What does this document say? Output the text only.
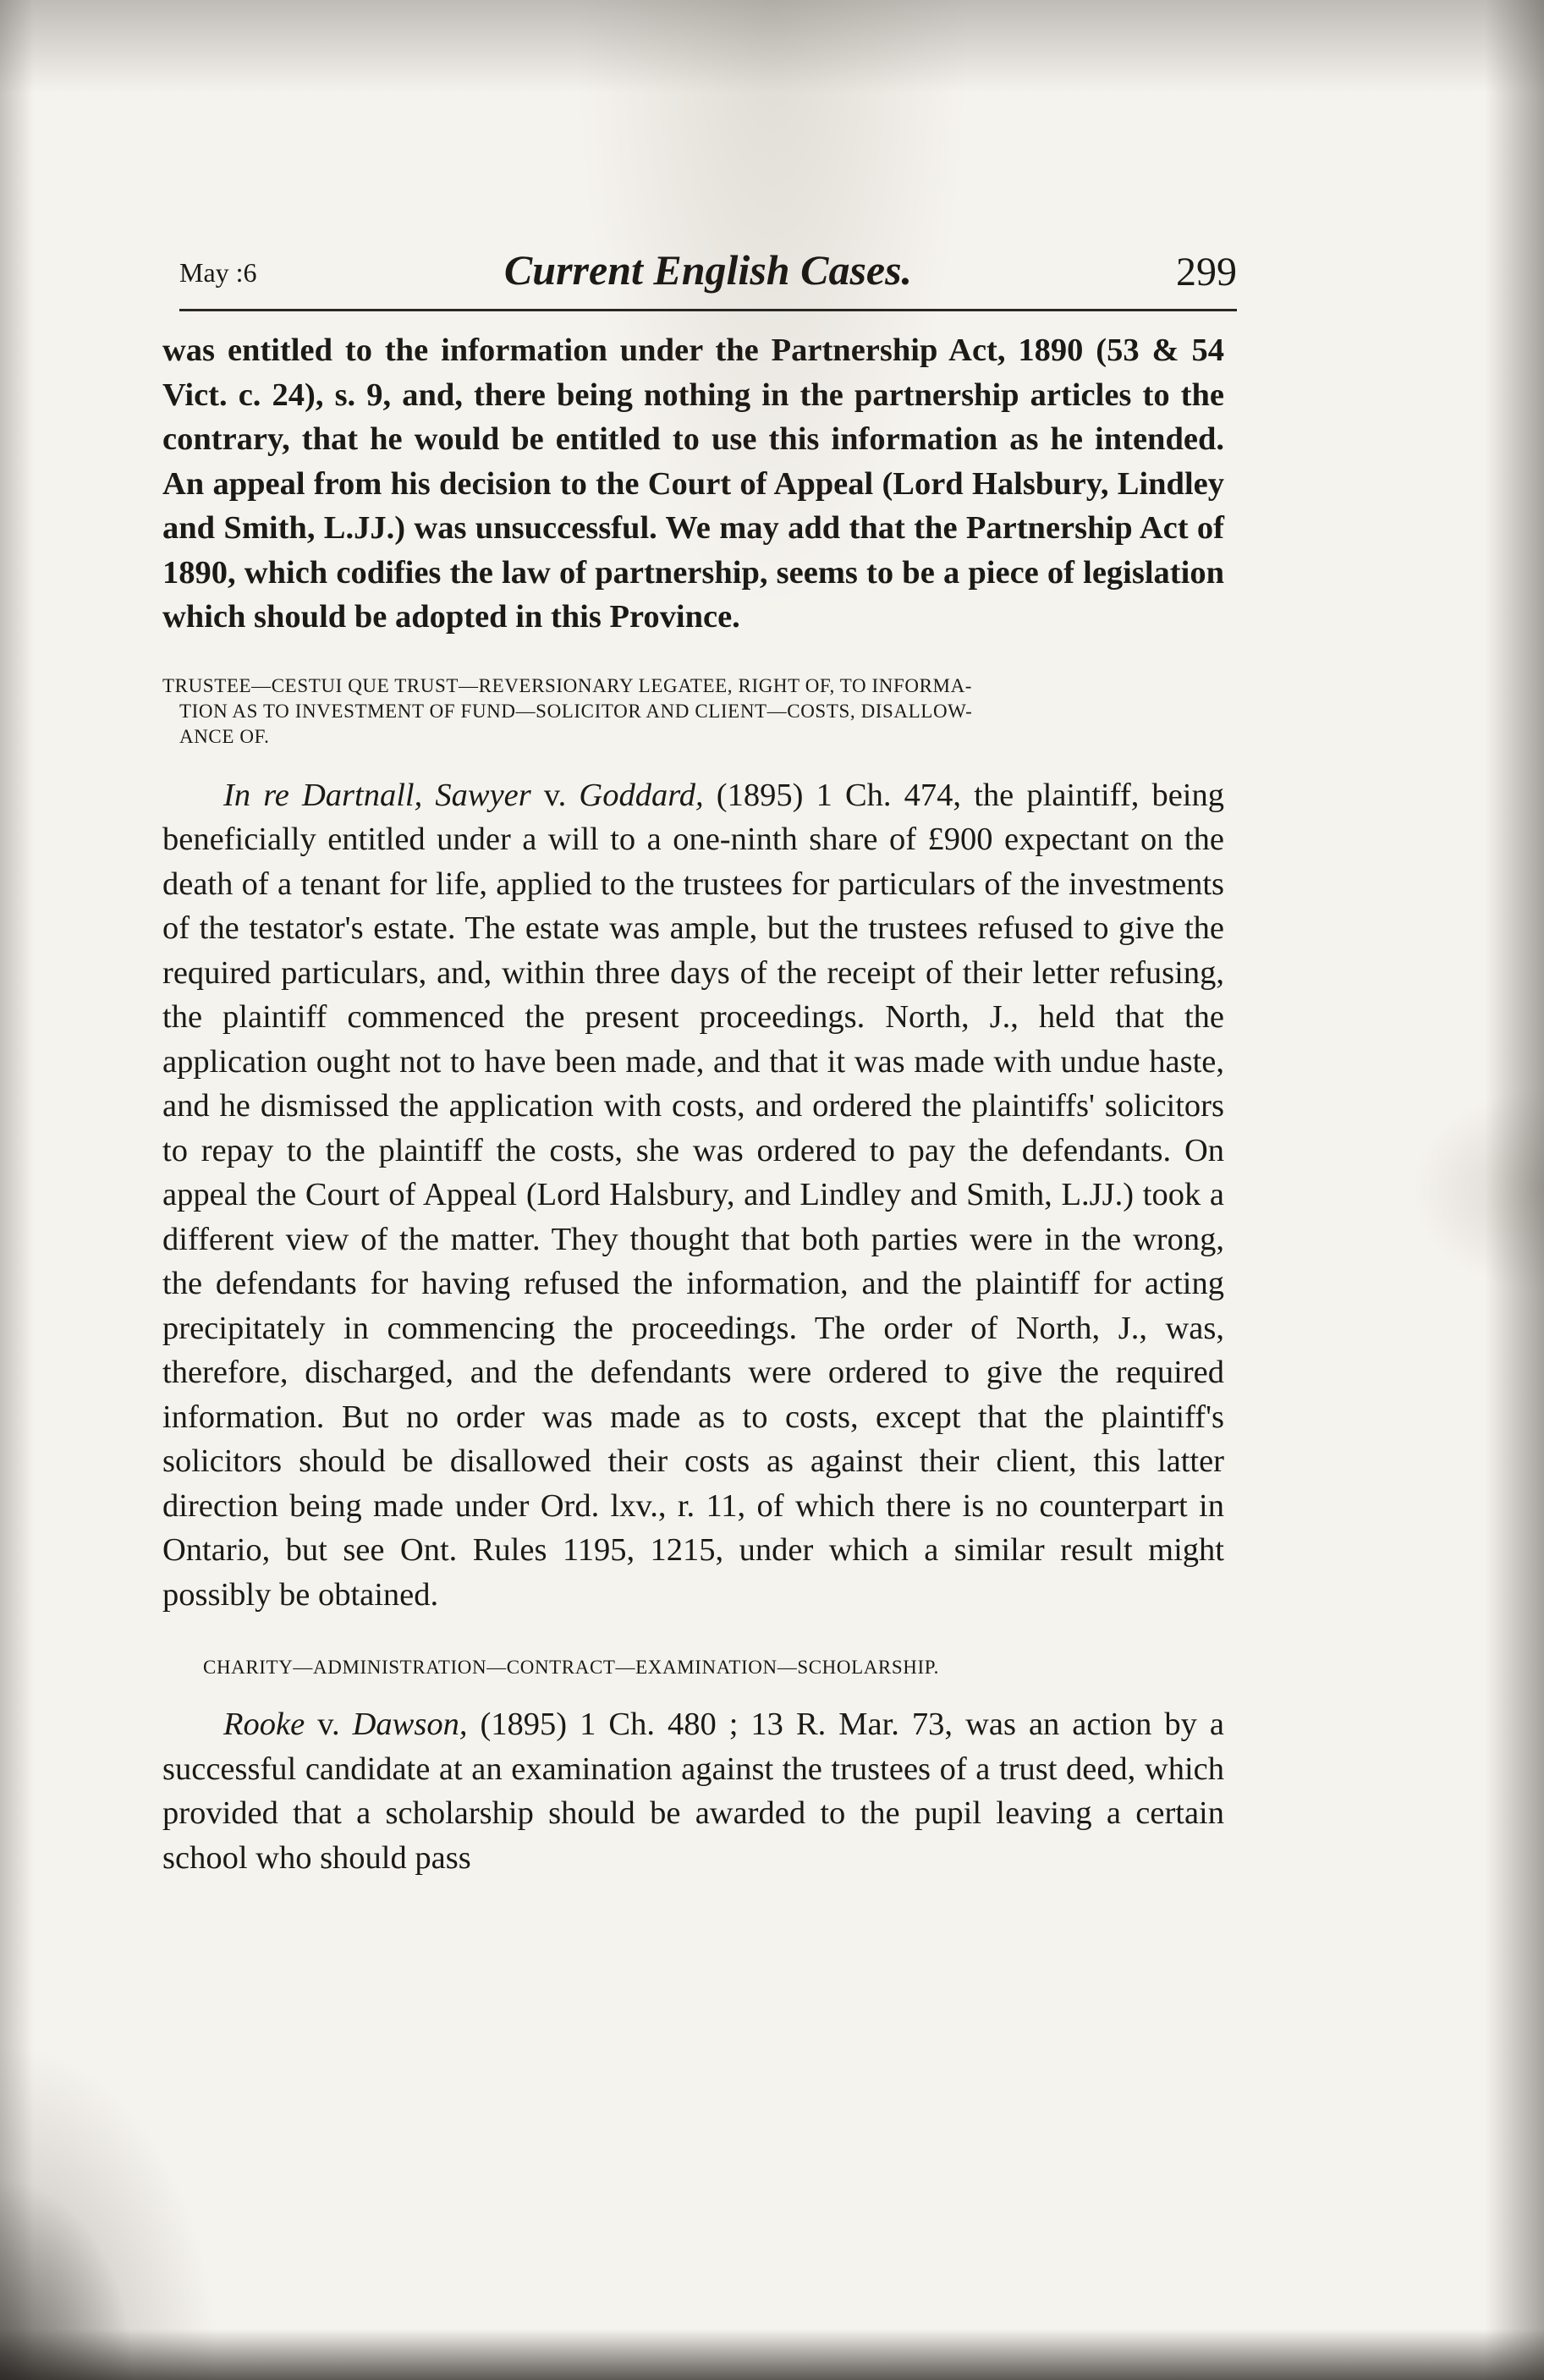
May :6	Current English Cases.	299

was entitled to the information under the Partnership Act, 1890 (53 & 54 Vict. c. 24), s. 9, and, there being nothing in the partnership articles to the contrary, that he would be entitled to use this information as he intended. An appeal from his decision to the Court of Appeal (Lord Halsbury, Lindley and Smith, L.JJ.) was unsuccessful. We may add that the Partnership Act of 1890, which codifies the law of partnership, seems to be a piece of legislation which should be adopted in this Province.

TRUSTEE—CESTUI QUE TRUST—REVERSIONARY LEGATEE, RIGHT OF, TO INFORMA-
TION AS TO INVESTMENT OF FUND—SOLICITOR AND CLIENT—COSTS, DISALLOW-
ANCE OF.

In re Dartnall, Sawyer v. Goddard, (1895) 1 Ch. 474, the plaintiff, being beneficially entitled under a will to a one-ninth share of £900 expectant on the death of a tenant for life, applied to the trustees for particulars of the investments of the testator's estate. The estate was ample, but the trustees refused to give the required particulars, and, within three days of the receipt of their letter refusing, the plaintiff commenced the present proceedings. North, J., held that the application ought not to have been made, and that it was made with undue haste, and he dismissed the application with costs, and ordered the plaintiffs' solicitors to repay to the plaintiff the costs, she was ordered to pay the defendants. On appeal the Court of Appeal (Lord Halsbury, and Lindley and Smith, L.JJ.) took a different view of the matter. They thought that both parties were in the wrong, the defendants for having refused the information, and the plaintiff for acting precipitately in commencing the proceedings. The order of North, J., was, therefore, discharged, and the defendants were ordered to give the required information. But no order was made as to costs, except that the plaintiff's solicitors should be disallowed their costs as against their client, this latter direction being made under Ord. lxv., r. 11, of which there is no counterpart in Ontario, but see Ont. Rules 1195, 1215, under which a similar result might possibly be obtained.

CHARITY—ADMINISTRATION—CONTRACT—EXAMINATION—SCHOLARSHIP.

Rooke v. Dawson, (1895) 1 Ch. 480 ; 13 R. Mar. 73, was an action by a successful candidate at an examination against the trustees of a trust deed, which provided that a scholarship should be awarded to the pupil leaving a certain school who should pass
